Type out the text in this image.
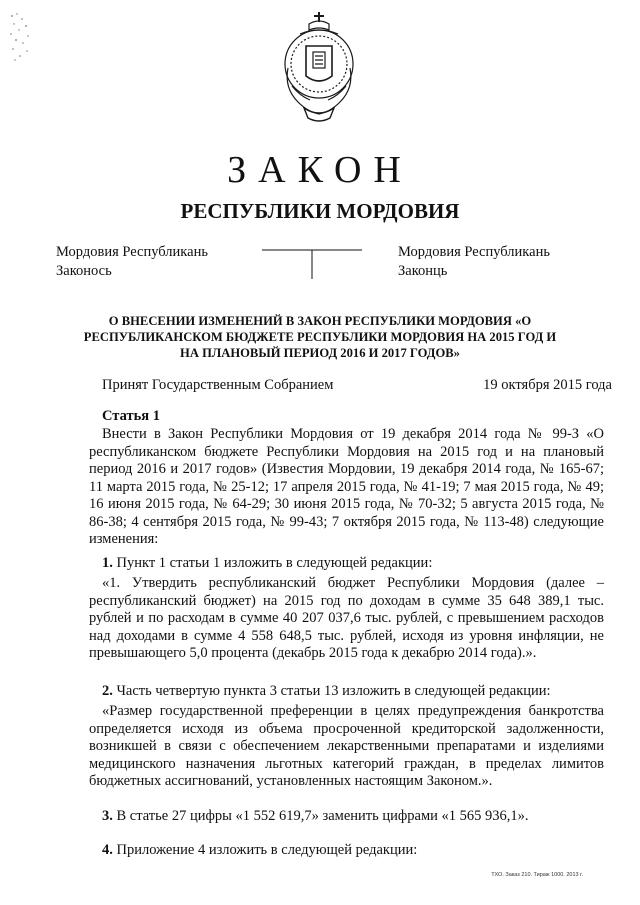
ЗАКОН
РЕСПУБЛИКИ МОРДОВИЯ
Мордовия Республикань Законось
Мордовия Республикань Законць
О ВНЕСЕНИИ ИЗМЕНЕНИЙ В ЗАКОН РЕСПУБЛИКИ МОРДОВИЯ «О РЕСПУБЛИКАНСКОМ БЮДЖЕТЕ РЕСПУБЛИКИ МОРДОВИЯ НА 2015 ГОД И НА ПЛАНОВЫЙ ПЕРИОД 2016 И 2017 ГОДОВ»
Принят Государственным Собранием	19 октября 2015 года
Статья 1

Внести в Закон Республики Мордовия от 19 декабря 2014 года № 99-З «О республиканском бюджете Республики Мордовия на 2015 год и на плановый период 2016 и 2017 годов» (Известия Мордовии, 19 декабря 2014 года, № 165-67; 11 марта 2015 года, № 25-12; 17 апреля 2015 года, № 41-19; 7 мая 2015 года, № 49; 16 июня 2015 года, № 64-29; 30 июня 2015 года, № 70-32; 5 августа 2015 года, № 86-38; 4 сентября 2015 года, № 99-43; 7 октября 2015 года, № 113-48) следующие изменения:

1. Пункт 1 статьи 1 изложить в следующей редакции:

«1. Утвердить республиканский бюджет Республики Мордовия (далее – республиканский бюджет) на 2015 год по доходам в сумме 35 648 389,1 тыс. рублей и по расходам в сумме 40 207 037,6 тыс. рублей, с превышением расходов над доходами в сумме 4 558 648,5 тыс. рублей, исходя из уровня инфляции, не превышающего 5,0 процента (декабрь 2015 года к декабрю 2014 года).».

2. Часть четвертую пункта 3 статьи 13 изложить в следующей редакции:

«Размер государственной преференции в целях предупреждения банкротства определяется исходя из объема просроченной кредиторской задолженности, возникшей в связи с обеспечением лекарственными препаратами и изделиями медицинского назначения льготных категорий граждан, в пределах лимитов бюджетных ассигнований, установленных настоящим Законом.».

3. В статье 27 цифры «1 552 619,7» заменить цифрами «1 565 936,1».

4. Приложение 4 изложить в следующей редакции:

ТХО. Заказ 210. Тираж 1000. 2013 г.
